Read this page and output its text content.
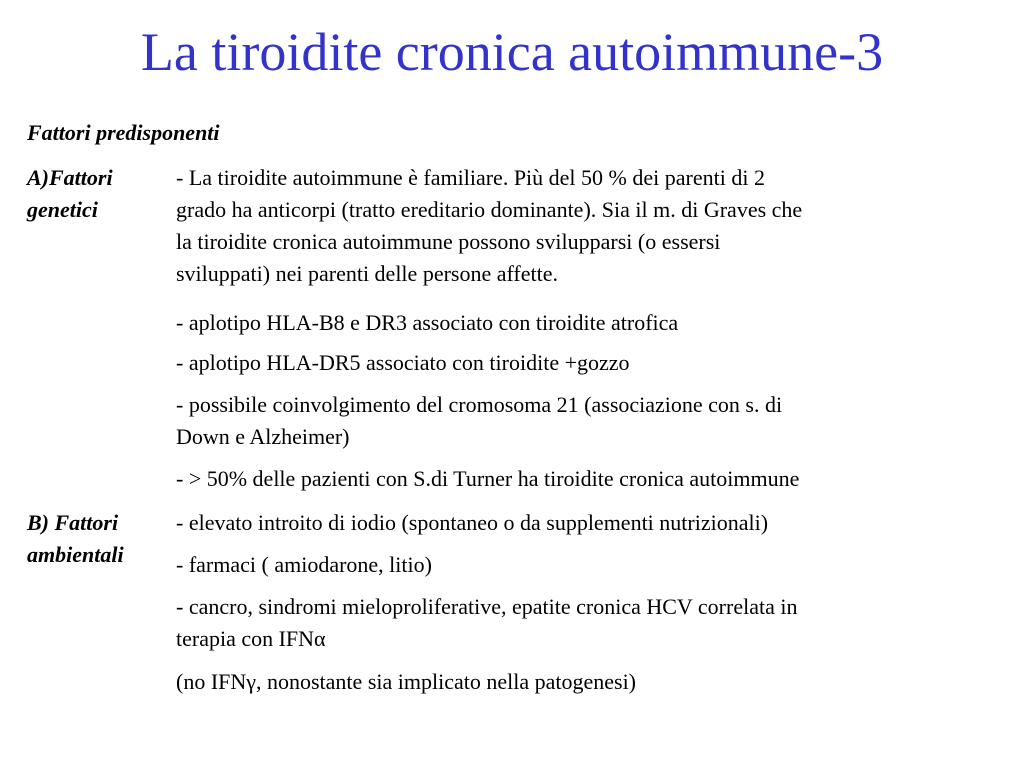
La tiroidite cronica autoimmune-3
Fattori predisponenti
A)Fattori
genetici
- La tiroidite autoimmune è familiare. Più del 50 % dei parenti di 2
grado ha anticorpi (tratto ereditario dominante). Sia il m. di Graves che
la tiroidite cronica autoimmune possono svilupparsi (o essersi
sviluppati) nei parenti delle persone affette.
- aplotipo HLA-B8 e DR3 associato con tiroidite atrofica
- aplotipo HLA-DR5 associato con tiroidite +gozzo
- possibile coinvolgimento del cromosoma 21 (associazione con s. di
Down e Alzheimer)
- > 50% delle pazienti con S.di Turner ha tiroidite cronica autoimmune
B) Fattori
ambientali
- elevato introito di iodio (spontaneo o da supplementi nutrizionali)
- farmaci ( amiodarone, litio)
- cancro, sindromi mieloproliferative, epatite cronica HCV correlata in
terapia con IFNα
(no IFNγ, nonostante sia implicato nella patogenesi)
